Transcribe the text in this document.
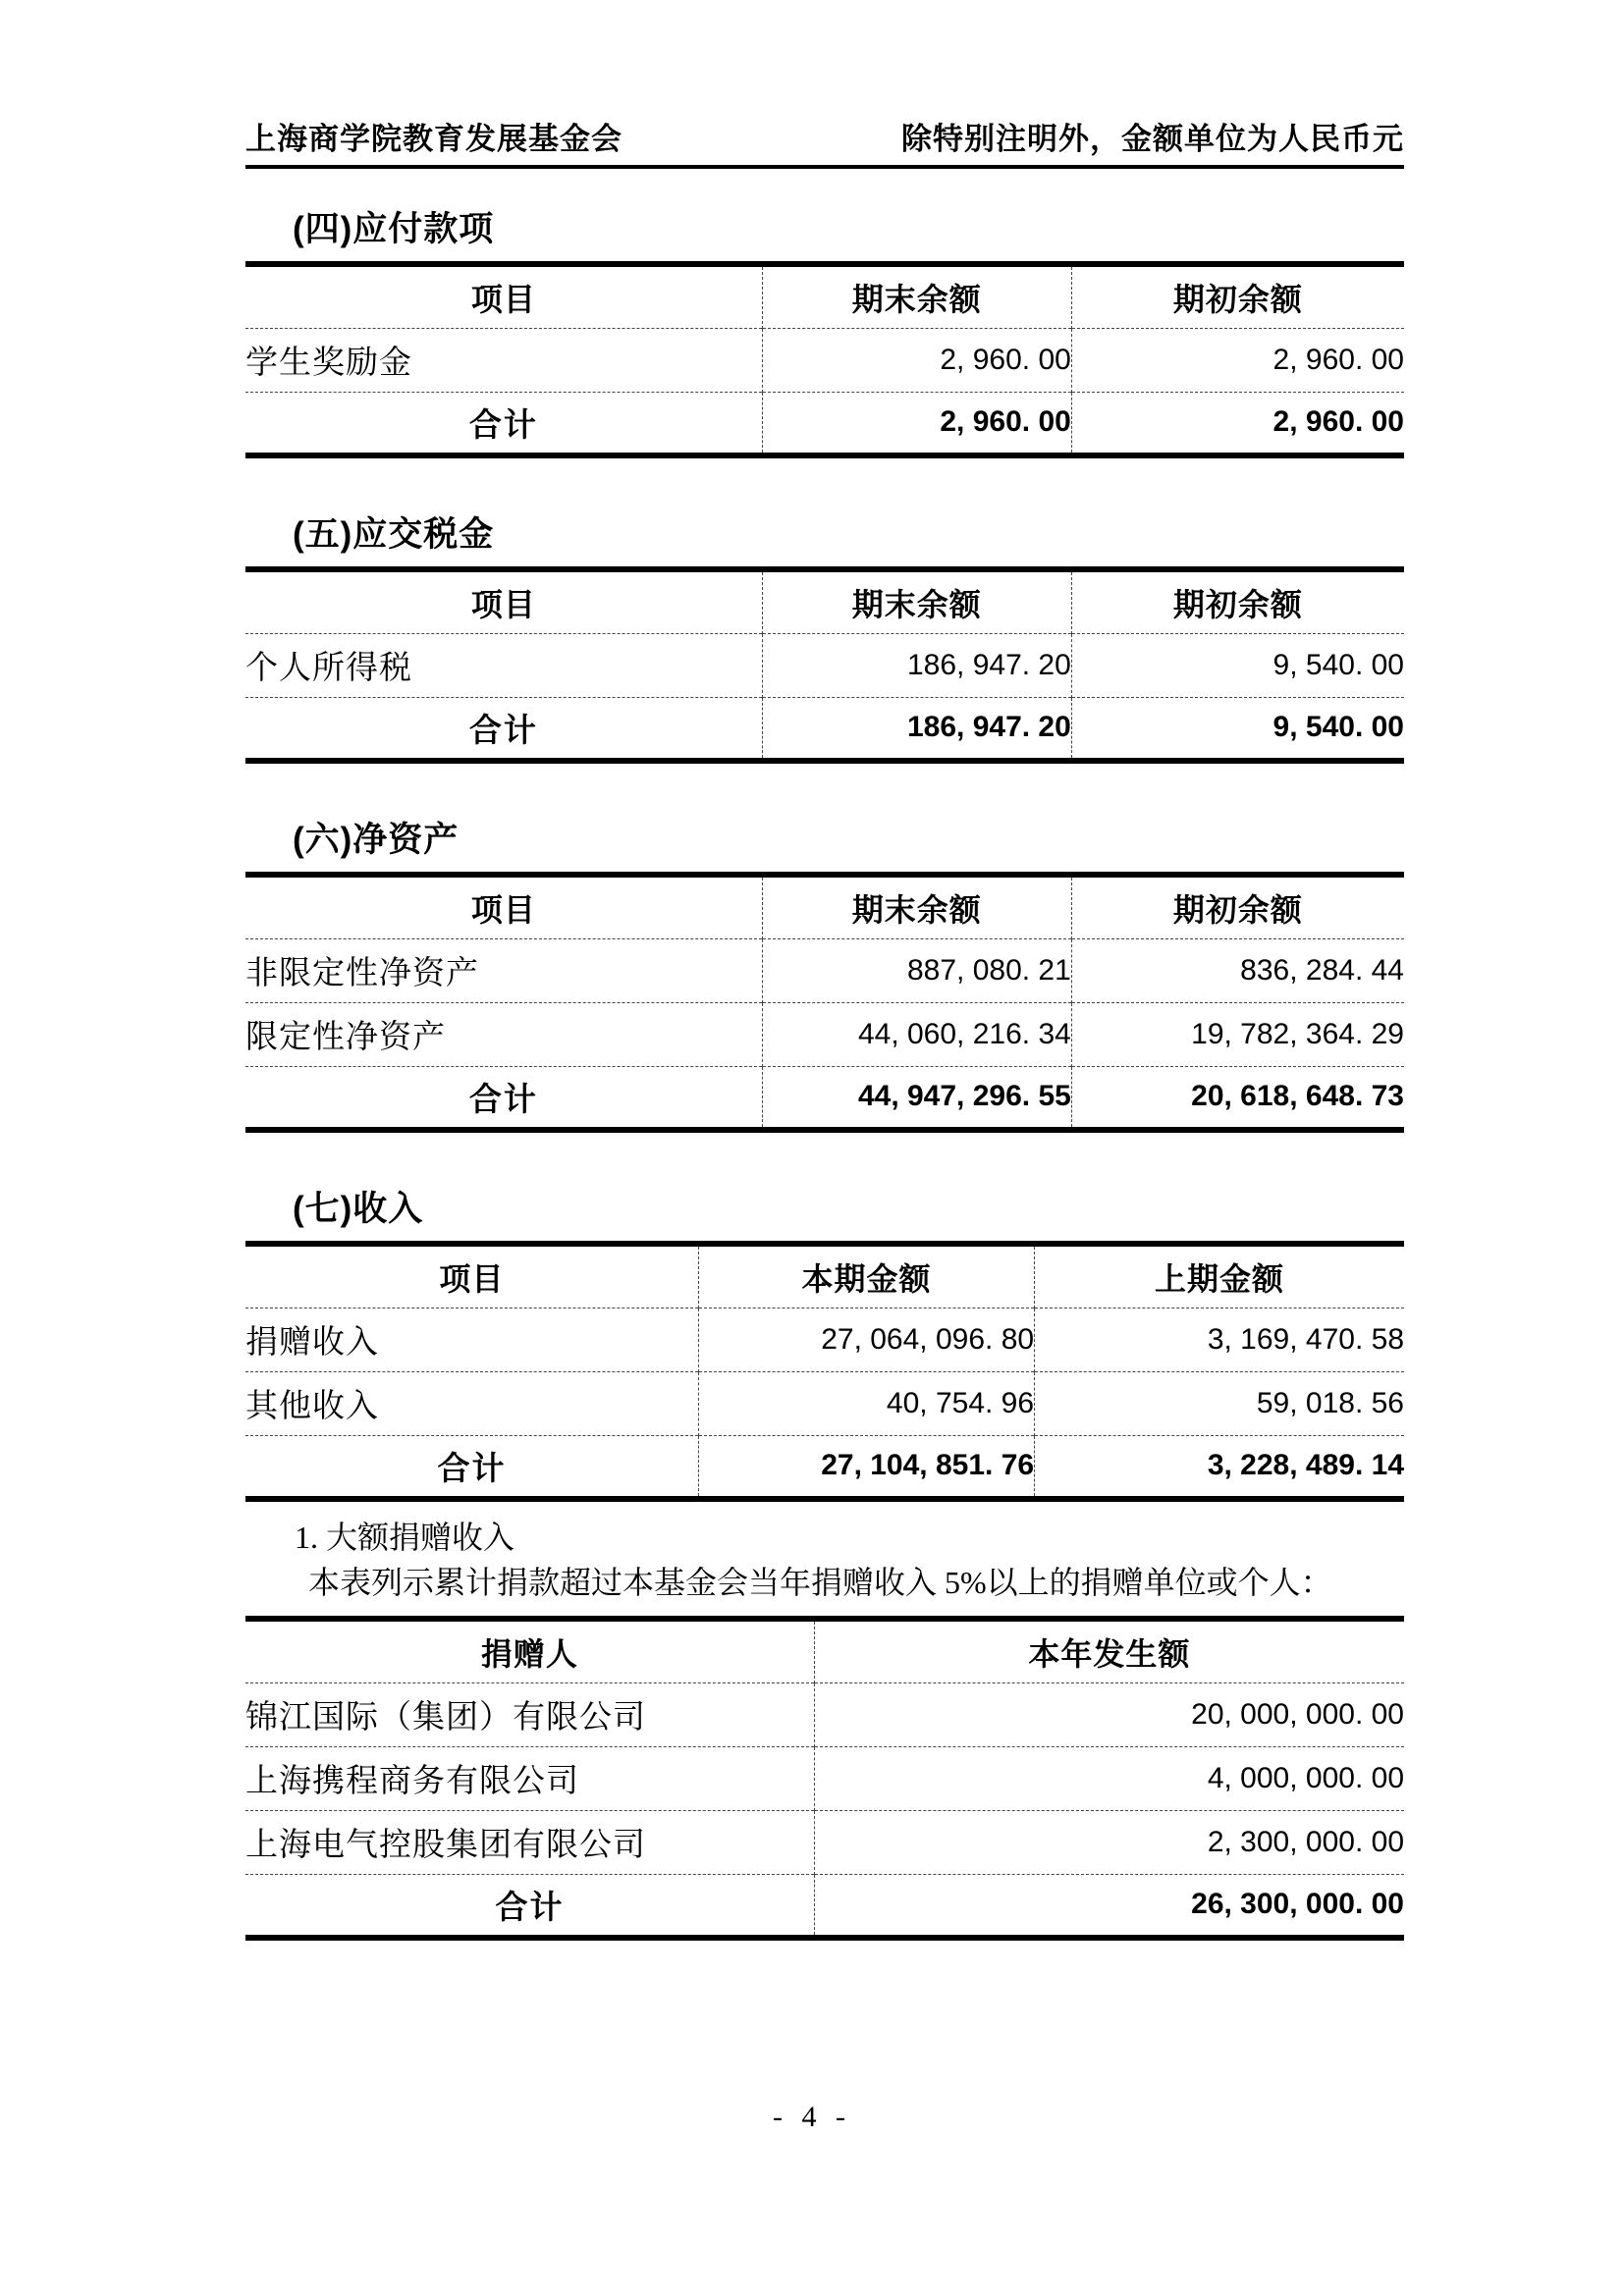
上海商学院教育发展基金会	除特别注明外，金额单位为人民币元
(四)应付款项
项目	期末余额	期初余额
学生奖励金	2, 960. 00	2, 960. 00
合计	2, 960. 00	2, 960. 00
(五)应交税金
项目	期末余额	期初余额
个人所得税	186, 947. 20	9, 540. 00
合计	186, 947. 20	9, 540. 00
(六)净资产
项目	期末余额	期初余额
非限定性净资产	887, 080. 21	836, 284. 44
限定性净资产	44, 060, 216. 34	19, 782, 364. 29
合计	44, 947, 296. 55	20, 618, 648. 73
(七)收入
项目	本期金额	上期金额
捐赠收入	27, 064, 096. 80	3, 169, 470. 58
其他收入	40, 754. 96	59, 018. 56
合计	27, 104, 851. 76	3, 228, 489. 14
1. 大额捐赠收入
本表列示累计捐款超过本基金会当年捐赠收入 5%以上的捐赠单位或个人：
捐赠人	本年发生额
锦江国际（集团）有限公司	20, 000, 000. 00
上海携程商务有限公司	4, 000, 000. 00
上海电气控股集团有限公司	2, 300, 000. 00
合计	26, 300, 000. 00
- 4 -
